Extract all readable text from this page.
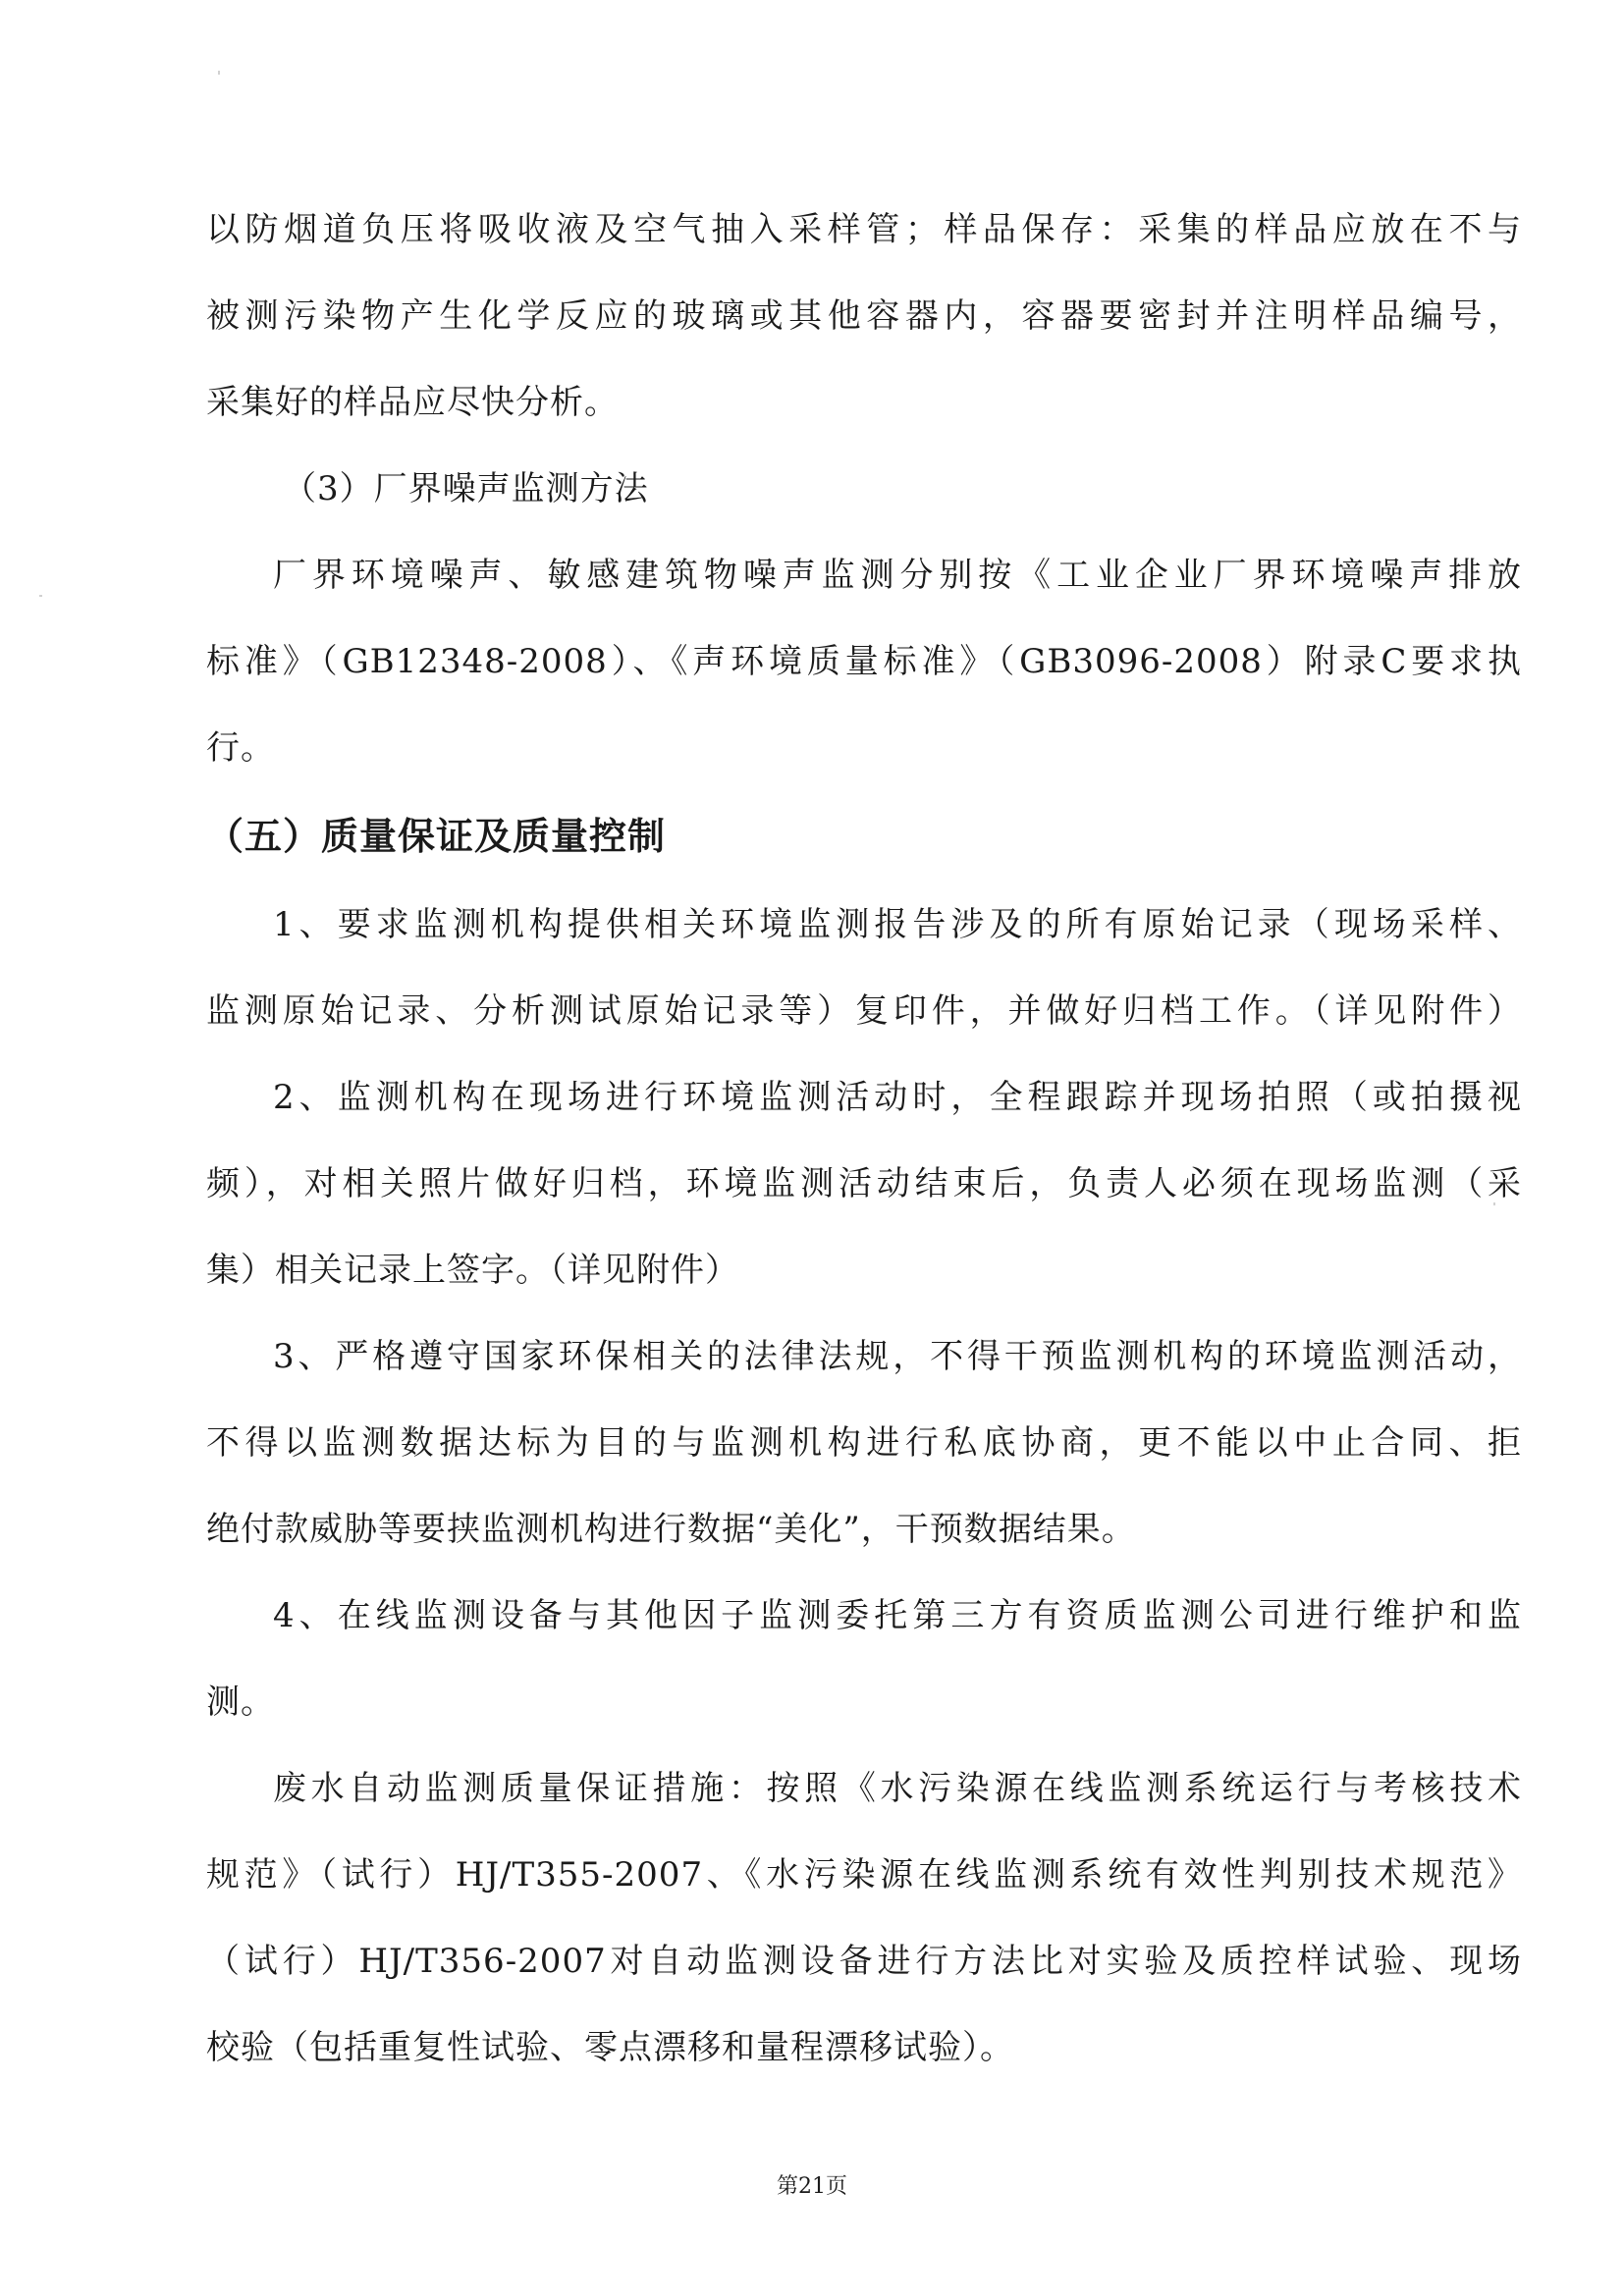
以防烟道负压将吸收液及空气抽入采样管；样品保存：采集的样品应放在不与
被测污染物产生化学反应的玻璃或其他容器内，容器要密封并注明样品编号，
采集好的样品应尽快分析。
（3）厂界噪声监测方法
厂界环境噪声、敏感建筑物噪声监测分别按《工业企业厂界环境噪声排放
标准》（GB12348-2008）、《声环境质量标准》（GB3096-2008）附录C要求执
行。
（五）质量保证及质量控制
1、要求监测机构提供相关环境监测报告涉及的所有原始记录（现场采样、
监测原始记录、分析测试原始记录等）复印件，并做好归档工作。（详见附件）
2、监测机构在现场进行环境监测活动时，全程跟踪并现场拍照（或拍摄视
频），对相关照片做好归档，环境监测活动结束后，负责人必须在现场监测（采
集）相关记录上签字。（详见附件）
3、严格遵守国家环保相关的法律法规，不得干预监测机构的环境监测活动，
不得以监测数据达标为目的与监测机构进行私底协商，更不能以中止合同、拒
绝付款威胁等要挟监测机构进行数据“美化”，干预数据结果。
4、在线监测设备与其他因子监测委托第三方有资质监测公司进行维护和监
测。
废水自动监测质量保证措施：按照《水污染源在线监测系统运行与考核技术
规范》（试行）HJ/T355-2007、《水污染源在线监测系统有效性判别技术规范》
（试行）HJ/T356-2007对自动监测设备进行方法比对实验及质控样试验、现场
校验（包括重复性试验、零点漂移和量程漂移试验）。
第21页
